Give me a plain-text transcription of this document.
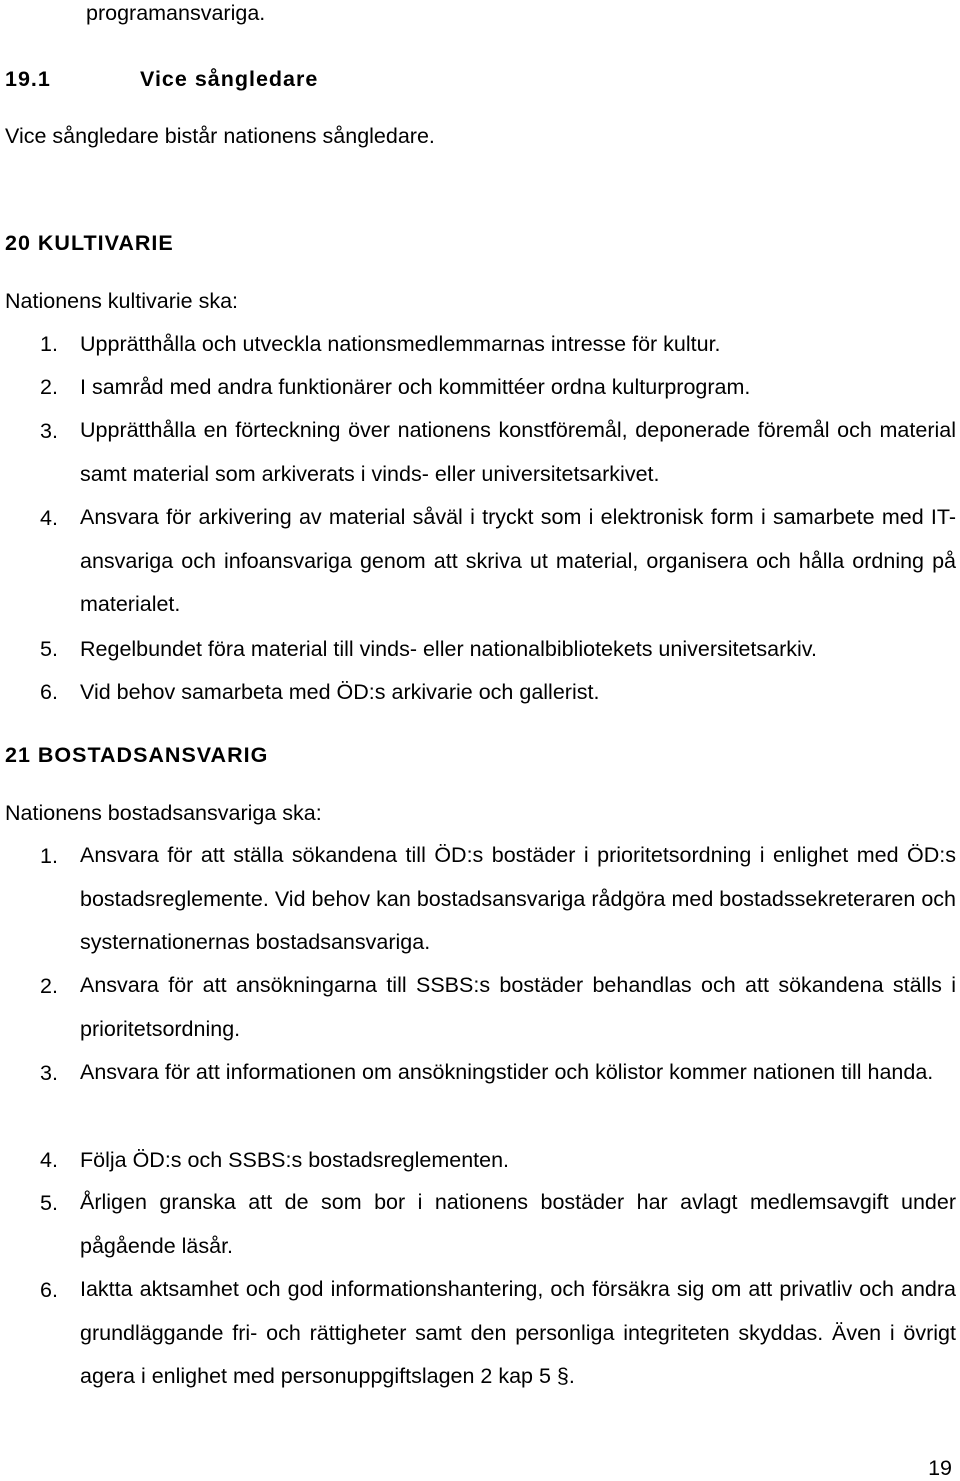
programansvariga.
19.1	Vice sångledare
Vice sångledare bistår nationens sångledare.
20 KULTIVARIE
Nationens kultivarie ska:
1. Upprätthålla och utveckla nationsmedlemmarnas intresse för kultur.
2. I samråd med andra funktionärer och kommittéer ordna kulturprogram.
3. Upprätthålla en förteckning över nationens konstföremål, deponerade föremål och material samt material som arkiverats i vinds- eller universitetsarkivet.

4. Ansvara för arkivering av material såväl i tryckt som i elektronisk form i samarbete med IT-ansvariga och infoansvariga genom att skriva ut material, organisera och hålla ordning på materialet.

5. Regelbundet föra material till vinds- eller nationalbibliotekets universitetsarkiv.
6. Vid behov samarbeta med ÖD:s arkivarie och gallerist.
21 BOSTADSANSVARIG
Nationens bostadsansvariga ska:
1. Ansvara för att ställa sökandena till ÖD:s bostäder i prioritetsordning i enlighet med ÖD:s bostadsreglemente. Vid behov kan bostadsansvariga rådgöra med bostadssekreteraren och systernationernas bostadsansvariga.

2. Ansvara för att ansökningarna till SSBS:s bostäder behandlas och att sökandena ställs i prioritetsordning.

3. Ansvara för att informationen om ansökningstider och kölistor kommer nationen till handa.

4. Följa ÖD:s och SSBS:s bostadsreglementen.
5. Årligen granska att de som bor i nationens bostäder har avlagt medlemsavgift under pågående läsår.

6. Iaktta aktsamhet och god informationshantering, och försäkra sig om att privatliv och andra grundläggande fri- och rättigheter samt den personliga integriteten skyddas. Även i övrigt agera i enlighet med personuppgiftslagen 2 kap 5 §.

19
